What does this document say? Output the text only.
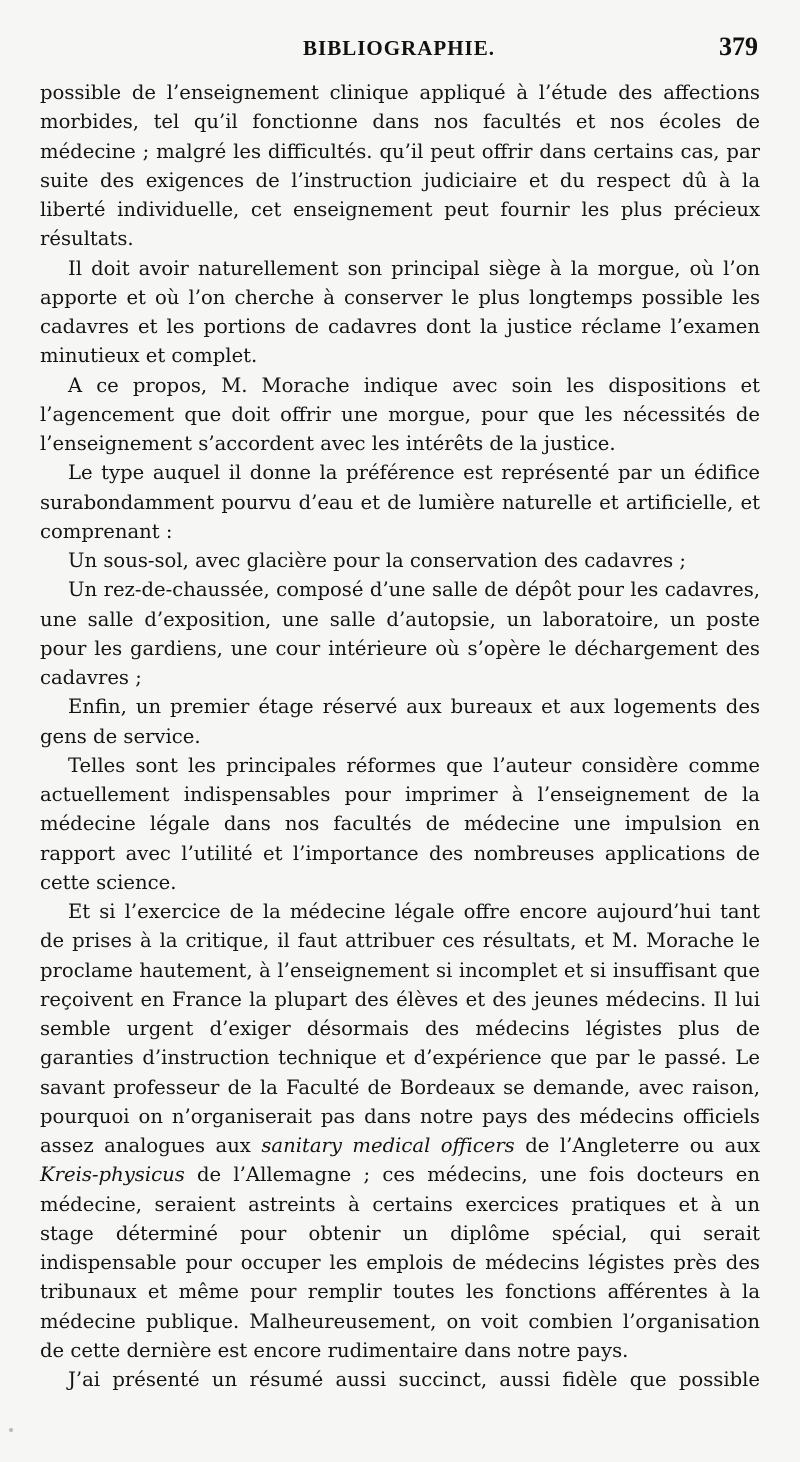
BIBLIOGRAPHIE.	379

possible de l’enseignement clinique appliqué à l’étude des affections morbides, tel qu’il fonctionne dans nos facultés et nos écoles de médecine ; malgré les difficultés. qu’il peut offrir dans certains cas, par suite des exigences de l’instruction judiciaire et du respect dû à la liberté individuelle, cet enseignement peut fournir les plus précieux résultats.

Il doit avoir naturellement son principal siège à la morgue, où l’on apporte et où l’on cherche à conserver le plus longtemps possible les cadavres et les portions de cadavres dont la justice réclame l’examen minutieux et complet.

A ce propos, M. Morache indique avec soin les dispositions et l’agencement que doit offrir une morgue, pour que les nécessités de l’enseignement s’accordent avec les intérêts de la justice.

Le type auquel il donne la préférence est représenté par un édifice surabondamment pourvu d’eau et de lumière naturelle et artificielle, et comprenant :

Un sous-sol, avec glacière pour la conservation des cadavres ;

Un rez-de-chaussée, composé d’une salle de dépôt pour les cadavres, une salle d’exposition, une salle d’autopsie, un laboratoire, un poste pour les gardiens, une cour intérieure où s’opère le déchargement des cadavres ;

Enfin, un premier étage réservé aux bureaux et aux logements des gens de service.

Telles sont les principales réformes que l’auteur considère comme actuellement indispensables pour imprimer à l’enseignement de la médecine légale dans nos facultés de médecine une impulsion en rapport avec l’utilité et l’importance des nombreuses applications de cette science.

Et si l’exercice de la médecine légale offre encore aujourd’hui tant de prises à la critique, il faut attribuer ces résultats, et M. Morache le proclame hautement, à l’enseignement si incomplet et si insuffisant que reçoivent en France la plupart des élèves et des jeunes médecins. Il lui semble urgent d’exiger désormais des médecins légistes plus de garanties d’instruction technique et d’expérience que par le passé. Le savant professeur de la Faculté de Bordeaux se demande, avec raison, pourquoi on n’organiserait pas dans notre pays des médecins officiels assez analogues aux sanitary medical officers de l’Angleterre ou aux Kreis-physicus de l’Allemagne ; ces médecins, une fois docteurs en médecine, seraient astreints à certains exercices pratiques et à un stage déterminé pour obtenir un diplôme spécial, qui serait indispensable pour occuper les emplois de médecins légistes près des tribunaux et même pour remplir toutes les fonctions afférentes à la médecine publique. Malheureusement, on voit combien l’organisation de cette dernière est encore rudimentaire dans notre pays.

J’ai présenté un résumé aussi succinct, aussi fidèle que possible
